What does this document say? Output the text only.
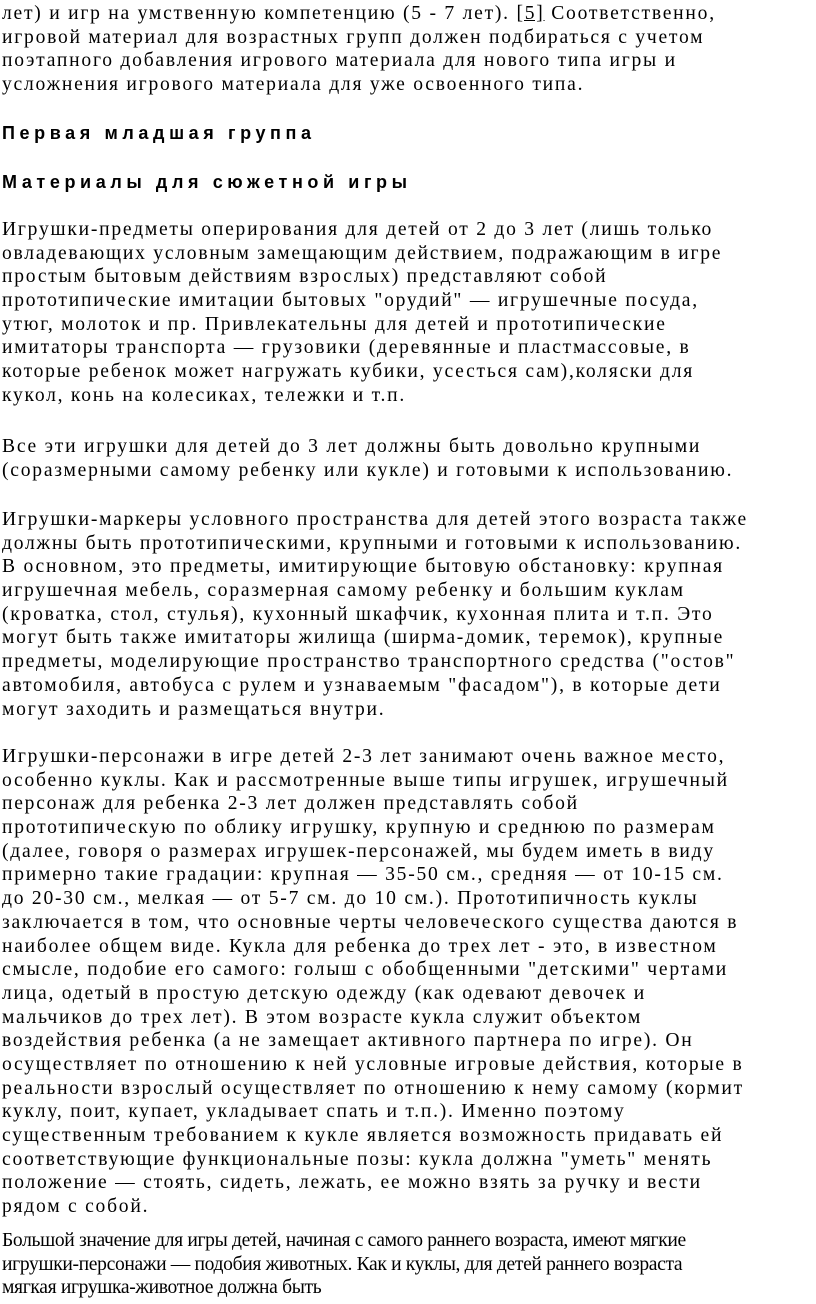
лет) и игр на умственную компетенцию (5 - 7 лет). [5] Соответственно,
игровой материал для возрастных групп должен подбираться с учетом
поэтапного добавления игрового материала для нового типа игры и
усложнения игрового материала для уже освоенного типа.
Первая младшая группа
Материалы для сюжетной игры
Игрушки-предметы оперирования для детей от 2 до 3 лет (лишь только
овладевающих условным замещающим действием, подражающим в игре
простым бытовым действиям взрослых) представляют собой
прототипические имитации бытовых "орудий" — игрушечные посуда,
утюг, молоток и пр. Привлекательны для детей и прототипические
имитаторы транспорта — грузовики (деревянные и пластмассовые, в
которые ребенок может нагружать кубики, усесться сам),коляски для
кукол, конь на колесиках, тележки и т.п.
Все эти игрушки для детей до 3 лет должны быть довольно крупными
(соразмерными самому ребенку или кукле) и готовыми к использованию.
Игрушки-маркеры условного пространства для детей этого возраста также
должны быть прототипическими, крупными и готовыми к использованию.
В основном, это предметы, имитирующие бытовую обстановку: крупная
игрушечная мебель, соразмерная самому ребенку и большим куклам
(кроватка, стол, стулья), кухонный шкафчик, кухонная плита и т.п. Это
могут быть также имитаторы жилища (ширма-домик, теремок), крупные
предметы, моделирующие пространство транспортного средства ("остов"
автомобиля, автобуса с рулем и узнаваемым "фасадом"), в которые дети
могут заходить и размещаться внутри.
Игрушки-персонажи в игре детей 2-3 лет занимают очень важное место,
особенно куклы. Как и рассмотренные выше типы игрушек, игрушечный
персонаж для ребенка 2-3 лет должен представлять собой
прототипическую по облику игрушку, крупную и среднюю по размерам
(далее, говоря о размерах игрушек-персонажей, мы будем иметь в виду
примерно такие градации: крупная — 35-50 см., средняя — от 10-15 см.
до 20-30 см., мелкая — от 5-7 см. до 10 см.). Прототипичность куклы
заключается в том, что основные черты человеческого существа даются в
наиболее общем виде. Кукла для ребенка до трех лет - это, в известном
смысле, подобие его самого: голыш с обобщенными "детскими" чертами
лица, одетый в простую детскую одежду (как одевают девочек и
мальчиков до трех лет). В этом возрасте кукла служит объектом
воздействия ребенка (а не замещает активного партнера по игре). Он
осуществляет по отношению к ней условные игровые действия, которые в
реальности взрослый осуществляет по отношению к нему самому (кормит
куклу, поит, купает, укладывает спать и т.п.). Именно поэтому
существенным требованием к кукле является возможность придавать ей
соответствующие функциональные позы: кукла должна "уметь" менять
положение — стоять, сидеть, лежать, ее можно взять за ручку и вести
рядом с собой.
Большой значение для игры детей, начиная с самого раннего возраста, имеют мягкие
игрушки-персонажи — подобия животных. Как и куклы, для детей раннего возраста
мягкая игрушка-животное должна быть
